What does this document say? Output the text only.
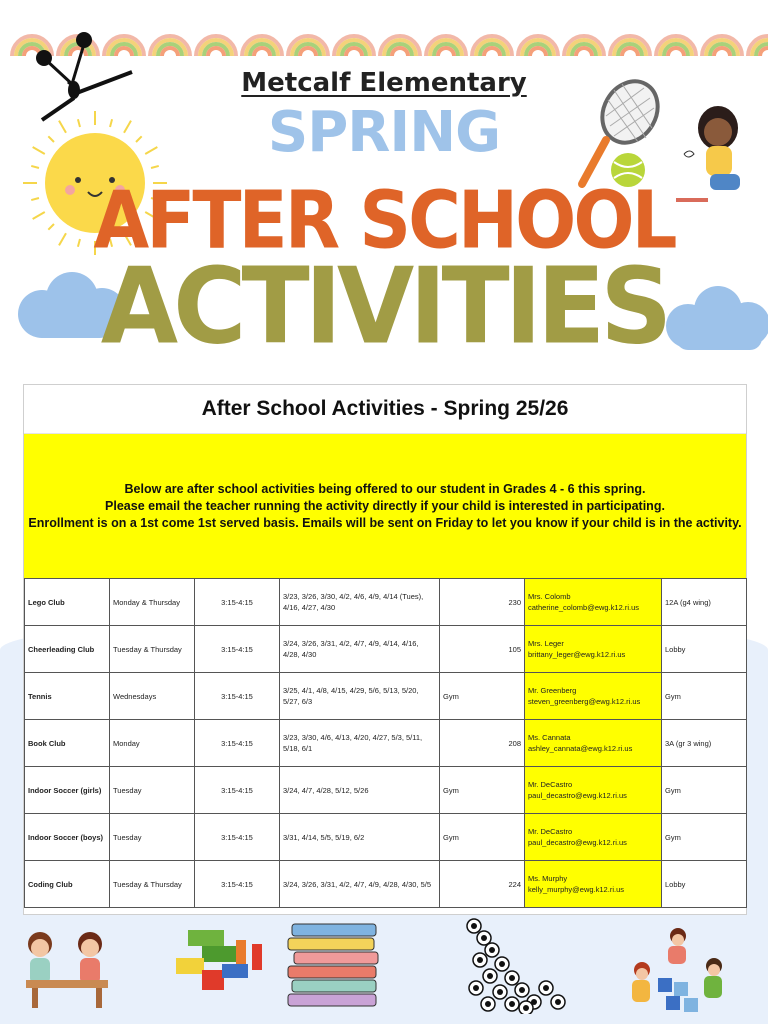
Metcalf Elementary
SPRING
AFTER SCHOOL
ACTIVITIES
After School Activities - Spring 25/26
Below are after school activities being offered to our student in Grades 4 - 6 this spring.
Please email the teacher running the activity directly if your child is interested in participating.
Enrollment is on a 1st come 1st served basis. Emails will be sent on Friday to let you know if your child is in the activity.
Lego Club	Monday & Thursday	3:15-4:15	3/23, 3/26, 3/30, 4/2, 4/6, 4/9, 4/14 (Tues), 4/16, 4/27, 4/30	230	Mrs. Colomb
catherine_colomb@ewg.k12.ri.us	12A (g4 wing)
Cheerleading Club	Tuesday & Thursday	3:15-4:15	3/24, 3/26, 3/31, 4/2, 4/7, 4/9, 4/14, 4/16, 4/28, 4/30	105	Mrs. Leger
brittany_leger@ewg.k12.ri.us	Lobby
Tennis	Wednesdays	3:15-4:15	3/25, 4/1, 4/8, 4/15, 4/29, 5/6, 5/13, 5/20, 5/27, 6/3	Gym	Mr. Greenberg
steven_greenberg@ewg.k12.ri.us	Gym
Book Club	Monday	3:15-4:15	3/23, 3/30, 4/6, 4/13, 4/20, 4/27, 5/3, 5/11, 5/18, 6/1	208	Ms. Cannata
ashley_cannata@ewg.k12.ri.us	3A (gr 3 wing)
Indoor Soccer (girls)	Tuesday	3:15-4:15	3/24, 4/7, 4/28, 5/12, 5/26	Gym	Mr. DeCastro
paul_decastro@ewg.k12.ri.us	Gym
Indoor Soccer (boys)	Tuesday	3:15-4:15	3/31, 4/14, 5/5, 5/19, 6/2	Gym	Mr. DeCastro
paul_decastro@ewg.k12.ri.us	Gym
Coding Club	Tuesday & Thursday	3:15-4:15	3/24, 3/26, 3/31, 4/2, 4/7, 4/9, 4/28, 4/30, 5/5	224	Ms. Murphy
kelly_murphy@ewg.k12.ri.us	Lobby
